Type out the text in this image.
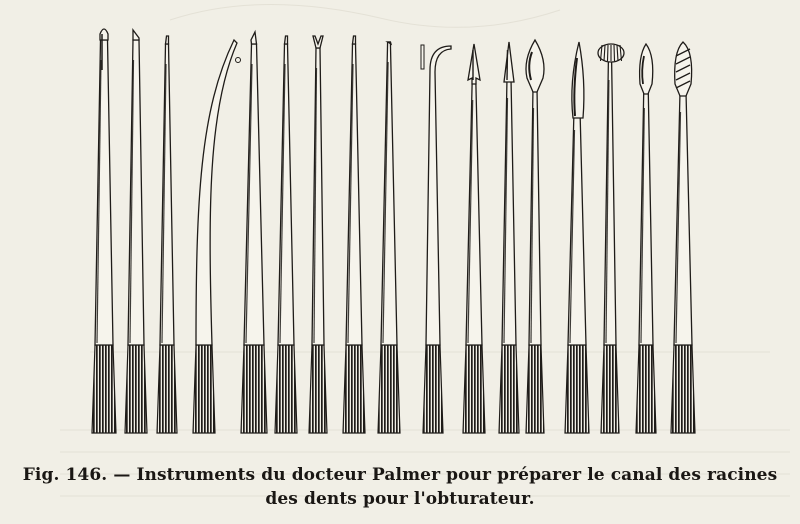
Fig. 146. — Instruments du docteur Palmer pour préparer le canal des racines
des dents pour l'obturateur.
